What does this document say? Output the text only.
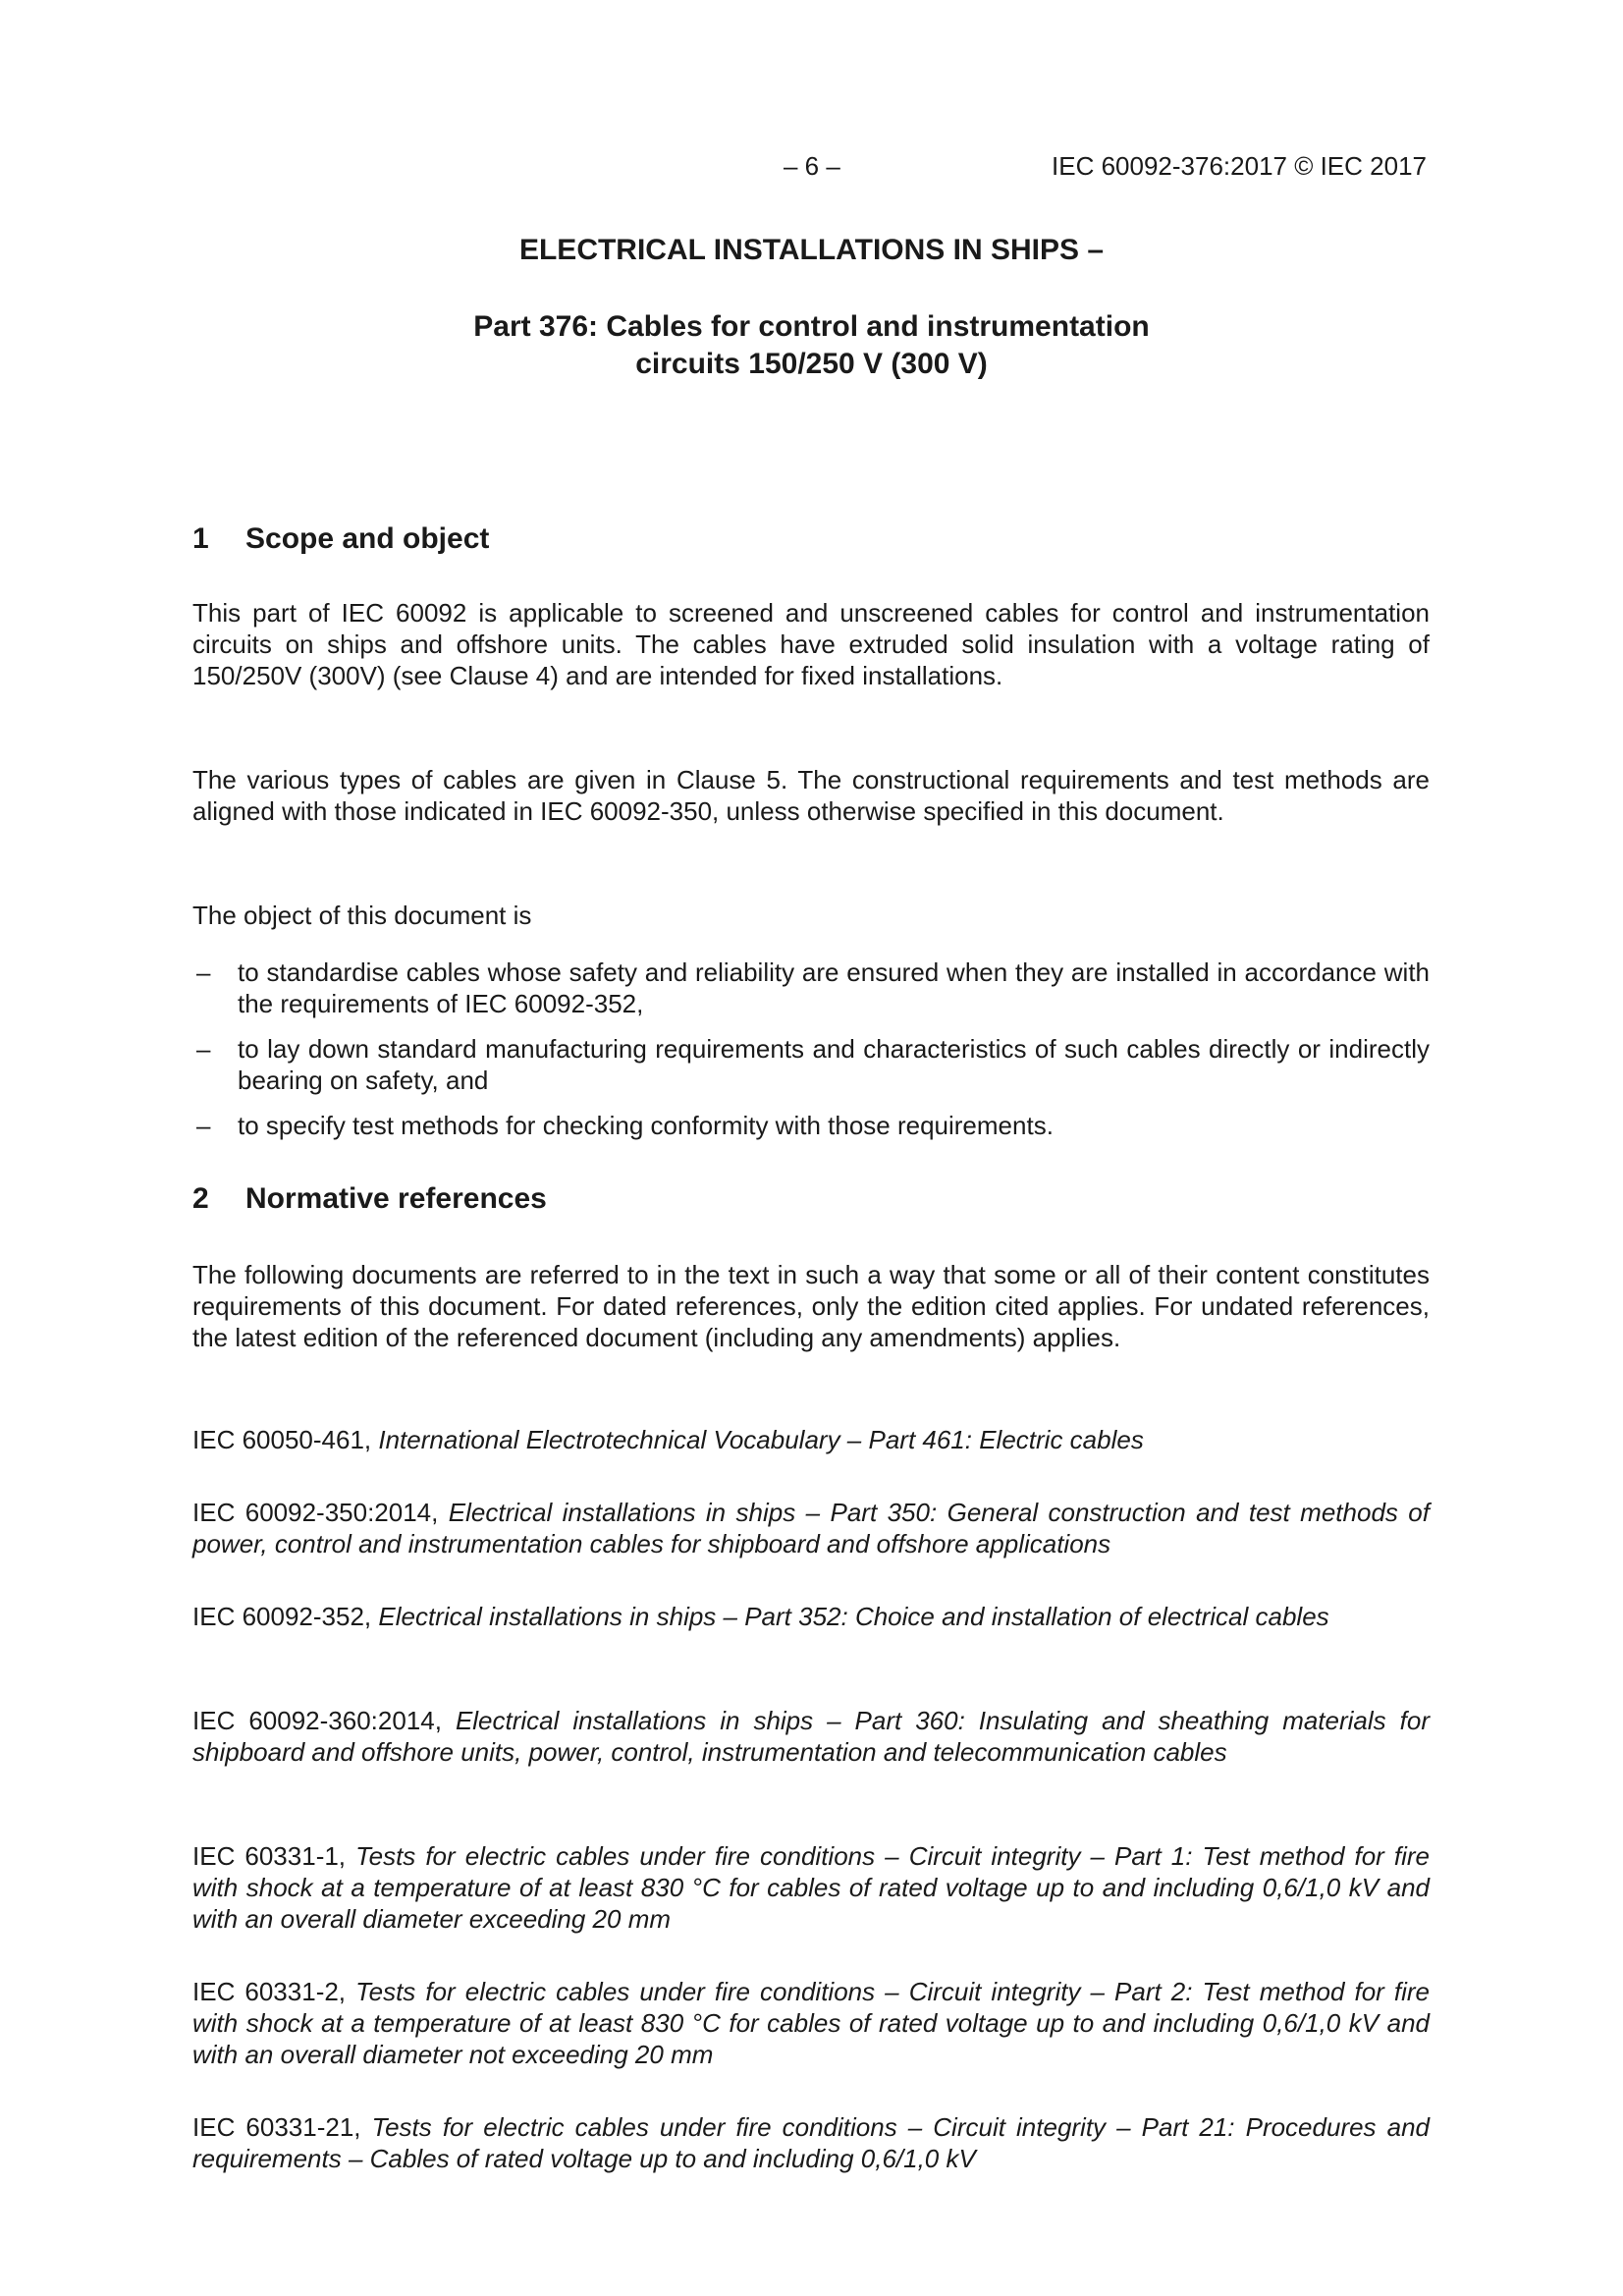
– 6 –	IEC 60092-376:2017 © IEC 2017
ELECTRICAL INSTALLATIONS IN SHIPS –
Part 376: Cables for control and instrumentation
circuits 150/250 V (300 V)
1 Scope and object

This part of IEC 60092 is applicable to screened and unscreened cables for control and instrumentation circuits on ships and offshore units. The cables have extruded solid insulation with a voltage rating of 150/250V (300V) (see Clause 4) and are intended for fixed installations.

The various types of cables are given in Clause 5. The constructional requirements and test methods are aligned with those indicated in IEC 60092-350, unless otherwise specified in this document.

The object of this document is

– to standardise cables whose safety and reliability are ensured when they are installed in accordance with the requirements of IEC 60092-352,
– to lay down standard manufacturing requirements and characteristics of such cables directly or indirectly bearing on safety, and
– to specify test methods for checking conformity with those requirements.
2 Normative references

The following documents are referred to in the text in such a way that some or all of their content constitutes requirements of this document. For dated references, only the edition cited applies. For undated references, the latest edition of the referenced document (including any amendments) applies.

IEC 60050-461, International Electrotechnical Vocabulary – Part 461: Electric cables
IEC 60092-350:2014, Electrical installations in ships – Part 350: General construction and test methods of power, control and instrumentation cables for shipboard and offshore applications
IEC 60092-352, Electrical installations in ships – Part 352: Choice and installation of electrical cables
IEC 60092-360:2014, Electrical installations in ships – Part 360: Insulating and sheathing materials for shipboard and offshore units, power, control, instrumentation and telecommunication cables
IEC 60331-1, Tests for electric cables under fire conditions – Circuit integrity – Part 1: Test method for fire with shock at a temperature of at least 830 °C for cables of rated voltage up to and including 0,6/1,0 kV and with an overall diameter exceeding 20 mm
IEC 60331-2, Tests for electric cables under fire conditions – Circuit integrity – Part 2: Test method for fire with shock at a temperature of at least 830 °C for cables of rated voltage up to and including 0,6/1,0 kV and with an overall diameter not exceeding 20 mm
IEC 60331-21, Tests for electric cables under fire conditions – Circuit integrity – Part 21: Procedures and requirements – Cables of rated voltage up to and including 0,6/1,0 kV
